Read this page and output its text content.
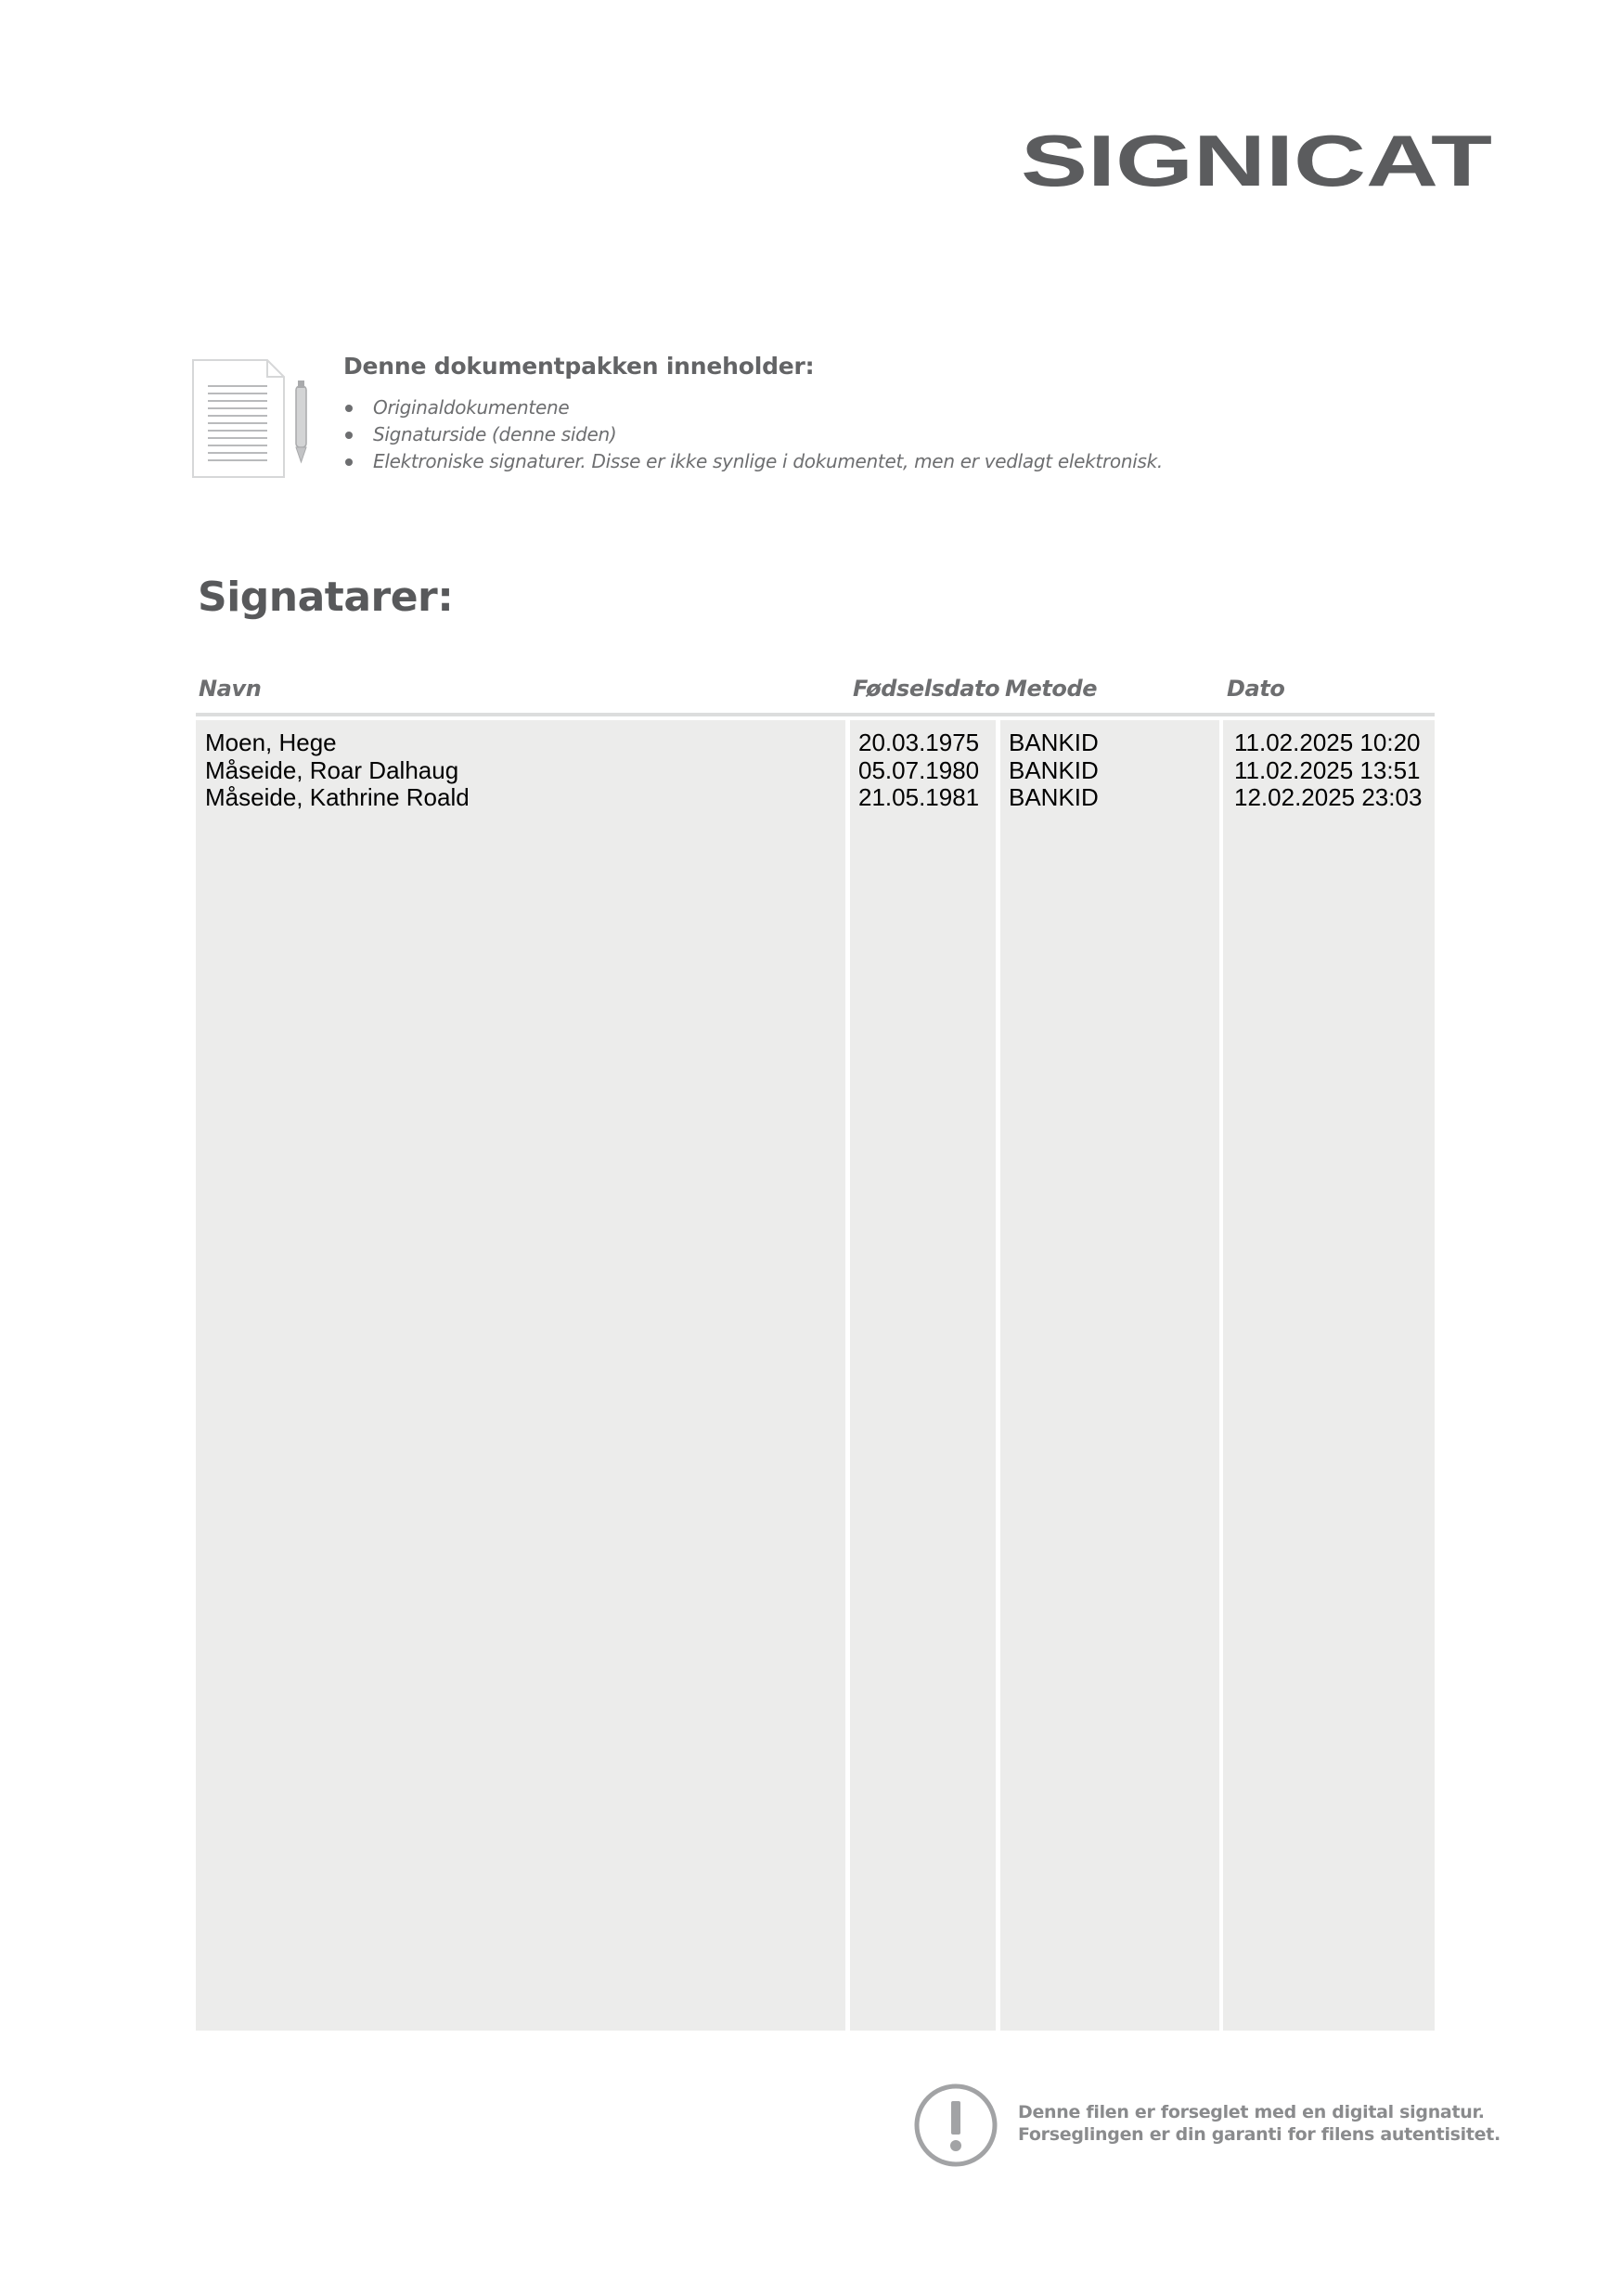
SIGNICAT

Denne dokumentpakken inneholder:

Originaldokumentene
Signaturside (denne siden)
Elektroniske signaturer. Disse er ikke synlige i dokumentet, men er vedlagt elektronisk.
Signatarer:
Navn	Fødselsdato Metode	Dato
Moen, Hege	20.03.1975 BANKID	11.02.2025 10:20
Måseide, Roar Dalhaug	05.07.1980 BANKID	11.02.2025 13:51
Måseide, Kathrine Roald	21.05.1981 BANKID	12.02.2025 23:03
Denne filen er forseglet med en digital signatur.
Forseglingen er din garanti for filens autentisitet.
